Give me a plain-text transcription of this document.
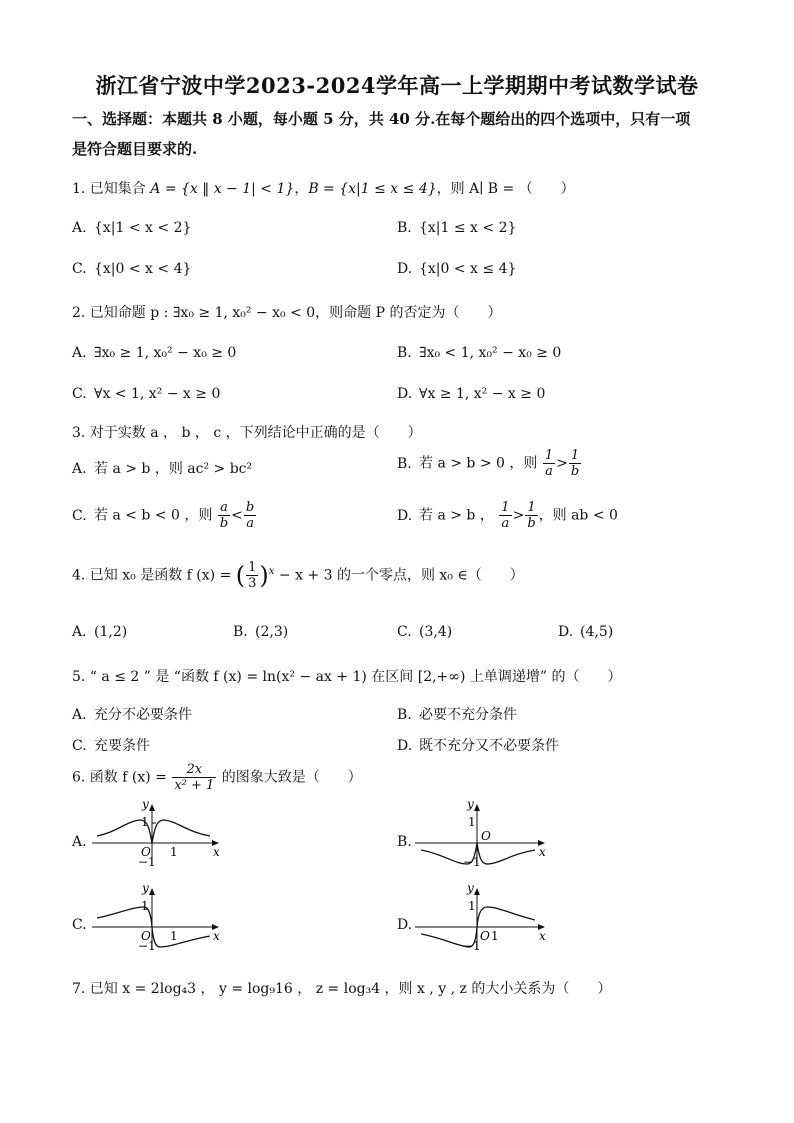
浙江省宁波中学2023-2024学年高一上学期期中考试数学试卷
一、选择题：本题共 8 小题，每小题 5 分，共 40 分.在每个题给出的四个选项中，只有一项
是符合题目要求的.
1. 已知集合 A = {x ‖ x − 1| < 1}，B = {x|1 ≤ x ≤ 4}，则 A∣ B = （　　）
A. {x|1 < x < 2}	B. {x|1 ≤ x < 2}
C. {x|0 < x < 4}	D. {x|0 < x ≤ 4}
2. 已知命题 p : ∃x₀ ≥ 1, x₀² − x₀ < 0，则命题 P 的否定为（　　）
A. ∃x₀ ≥ 1, x₀² − x₀ ≥ 0	B. ∃x₀ < 1, x₀² − x₀ ≥ 0
C. ∀x < 1, x² − x ≥ 0	D. ∀x ≥ 1, x² − x ≥ 0
3. 对于实数 a ， b ， c ，下列结论中正确的是（　　）
A. 若 a > b ，则 ac² > bc²	B. 若 a > b > 0 ，则 $\frac{1}{a} > \frac{1}{b}$
C. 若 a < b < 0 ，则 $\frac{a}{b} < \frac{b}{a}$	D. 若 a > b ， $\frac{1}{a} > \frac{1}{b}$ ，则 ab < 0
4. 已知 x₀ 是函数 f (x) = ( $\frac{1}{3} )^x - x + 3$ 的一个零点，则 x₀ ∈（　　）
A. (1,2)	B. (2,3)	C. (3,4)	D. (4,5)
5. “ a ≤ 2 ” 是 “函数 f (x) = ln(x² − ax + 1) 在区间 [2,+∞) 上单调递增” 的（　　）
A. 充分不必要条件	B. 必要不充分条件
C. 充要条件	D. 既不充分又不必要条件
6. 函数 f $(x) = \frac{2x}{\text{x² + 1}}$ 的图象大致是（　　）
A.	B.
C.	D.
y
x
O
1
1
−1
y
x
O
1
−1
y
x
O
1
1
−1
y
x
O
1
1
−1
7. 已知 x = 2log₄3 ， y = log₉16 ， z = log₃4 ，则 x , y , z 的大小关系为（　　）
